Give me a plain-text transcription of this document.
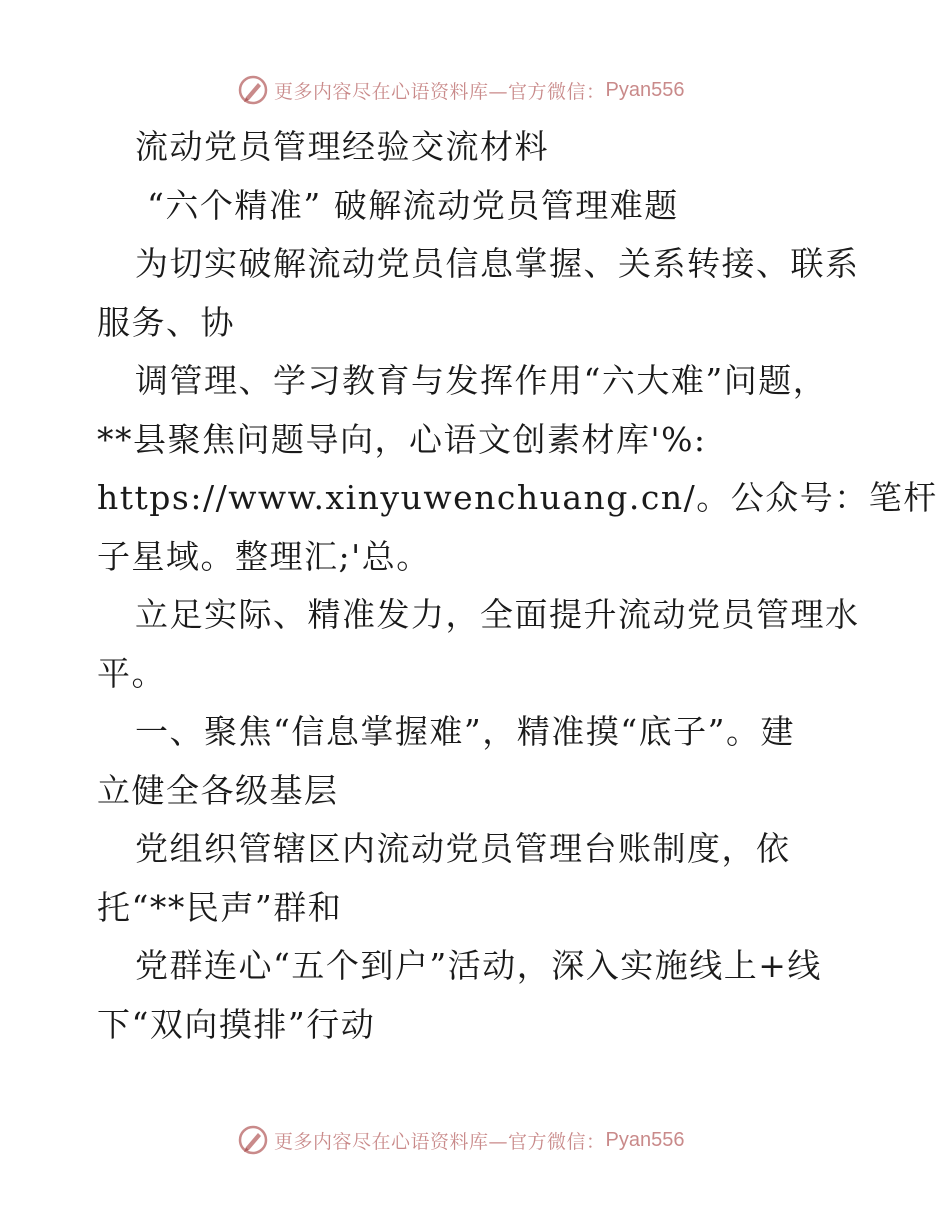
更多内容尽在心语资料库—官方微信： Pyan556
流动党员管理经验交流材料
“六个精准” 破解流动党员管理难题
为切实破解流动党员信息掌握、关系转接、联系
服务、协
调管理、学习教育与发挥作用“六大难”问题，
**县聚焦问题导向，心语文创素材库'%:
https://www.xinyuwenchuang.cn/。公众号：笔杆
子星域。整理汇;'总。
立足实际、精准发力，全面提升流动党员管理水
平。
一、聚焦“信息掌握难”，精准摸“底子”。建
立健全各级基层
党组织管辖区内流动党员管理台账制度，依
托“**民声”群和
党群连心“五个到户”活动，深入实施线上+线
下“双向摸排”行动
更多内容尽在心语资料库—官方微信： Pyan556
